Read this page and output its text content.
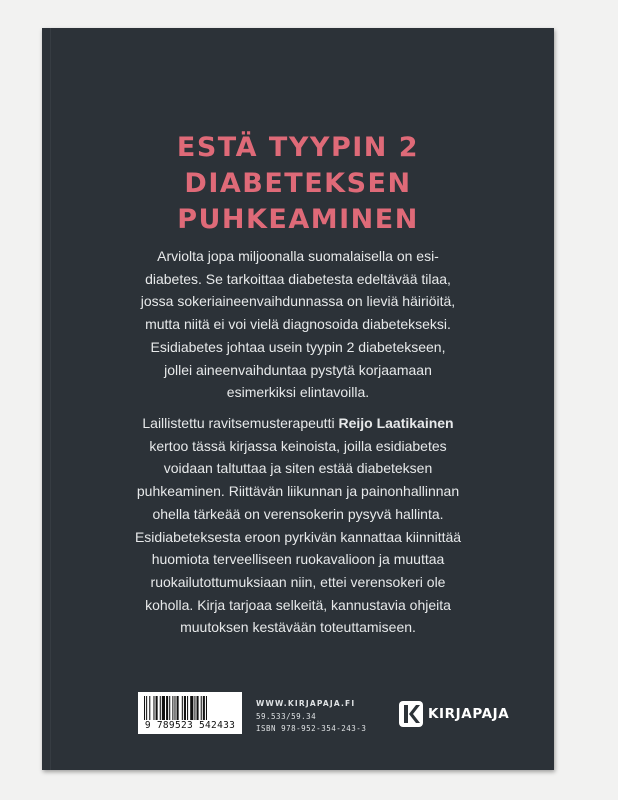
ESTÄ TYYPIN 2
DIABETEKSEN
PUHKEAMINEN
Arviolta jopa miljoonalla suomalaisella on esi-
diabetes. Se tarkoittaa diabetesta edeltävää tilaa,
jossa sokeriaineenvaihdunnassa on lieviä häiriöitä,
mutta niitä ei voi vielä diagnosoida diabetekseksi.
Esidiabetes johtaa usein tyypin 2 diabetekseen,
jollei aineenvaihduntaa pystytä korjaamaan
esimerkiksi elintavoilla.
Laillistettu ravitsemusterapeutti Reijo Laatikainen
kertoo tässä kirjassa keinoista, joilla esidiabetes
voidaan taltuttaa ja siten estää diabeteksen
puhkeaminen. Riittävän liikunnan ja painonhallinnan
ohella tärkeää on verensokerin pysyvä hallinta.
Esidiabeteksesta eroon pyrkivän kannattaa kiinnittää
huomiota terveelliseen ruokavalioon ja muuttaa
ruokailutottumuksiaan niin, ettei verensokeri ole
koholla. Kirja tarjoaa selkeitä, kannustavia ohjeita
muutoksen kestävään toteuttamiseen.
9 789523 542433
WWW.KIRJAPAJA.FI
59.533/59.34
ISBN 978-952-354-243-3
KIRJAPAJA
